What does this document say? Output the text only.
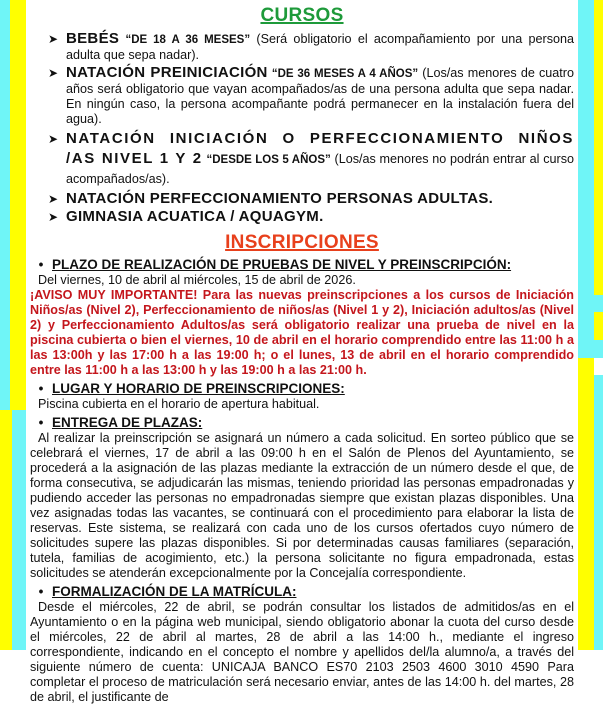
CURSOS
➤ BEBÉS “DE 18 A 36 MESES” (Será obligatorio el acompañamiento por una persona adulta que sepa nadar).
➤ NATACIÓN PREINICIACIÓN “DE 36 MESES A 4 AÑOS” (Los/as menores de cuatro años será obligatorio que vayan acompañados/as de una persona adulta que sepa nadar. En ningún caso, la persona acompañante podrá permanecer en la instalación fuera del agua).
➤ NATACIÓN INICIACIÓN O PERFECCIONAMIENTO NIÑOS /AS NIVEL 1 Y 2 “DESDE LOS 5 AÑOS” (Los/as menores no podrán entrar al curso acompañados/as).
➤ NATACIÓN PERFECCIONAMIENTO PERSONAS ADULTAS.
➤ GIMNASIA ACUATICA / AQUAGYM.
INSCRIPCIONES
• PLAZO DE REALIZACIÓN DE PRUEBAS DE NIVEL Y PREINSCRIPCIÓN:

Del viernes, 10 de abril al miércoles, 15 de abril de 2026.

¡AVISO MUY IMPORTANTE! Para las nuevas preinscripciones a los cursos de Iniciación Niños/as (Nivel 2), Perfeccionamiento de niños/as (Nivel 1 y 2), Iniciación adultos/as (Nivel 2) y Perfeccionamiento Adultos/as será obligatorio realizar una prueba de nivel en la piscina cubierta o bien el viernes, 10 de abril en el horario comprendido entre las 11:00 h a las 13:00h y las 17:00 h a las 19:00 h; o el lunes, 13 de abril en el horario comprendido entre las 11:00 h a las 13:00 h y las 19:00 h a las 21:00 h.

• LUGAR Y HORARIO DE PREINSCRIPCIONES:

Piscina cubierta en el horario de apertura habitual.

• ENTREGA DE PLAZAS:

Al realizar la preinscripción se asignará un número a cada solicitud. En sorteo público que se celebrará el viernes, 17 de abril a las 09:00 h en el Salón de Plenos del Ayuntamiento, se procederá a la asignación de las plazas mediante la extracción de un número desde el que, de forma consecutiva, se adjudicarán las mismas, teniendo prioridad las personas empadronadas y pudiendo acceder las personas no empadronadas siempre que existan plazas disponibles. Una vez asignadas todas las vacantes, se continuará con el procedimiento para elaborar la lista de reservas. Este sistema, se realizará con cada uno de los cursos ofertados cuyo número de solicitudes supere las plazas disponibles. Si por determinadas causas familiares (separación, tutela, familias de acogimiento, etc.) la persona solicitante no figura empadronada, estas solicitudes se atenderán excepcionalmente por la Concejalía correspondiente.

• FORMALIZACIÓN DE LA MATRÍCULA:

Desde el miércoles, 22 de abril, se podrán consultar los listados de admitidos/as en el Ayuntamiento o en la página web municipal, siendo obligatorio abonar la cuota del curso desde el miércoles, 22 de abril al martes, 28 de abril a las 14:00 h., mediante el ingreso correspondiente, indicando en el concepto el nombre y apellidos del/la alumno/a, a través del siguiente número de cuenta: UNICAJA BANCO ES70 2103 2503 4600 3010 4590 Para completar el proceso de matriculación será necesario enviar, antes de las 14:00 h. del martes, 28 de abril, el justificante de
